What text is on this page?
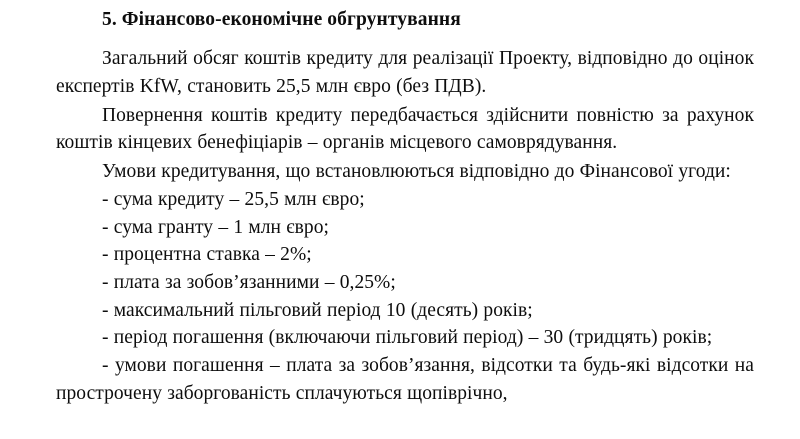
5. Фінансово-економічне обгрунтування

Загальний обсяг коштів кредиту для реалізації Проекту, відповідно до оцінок експертів KfW, становить 25,5 млн євро (без ПДВ).

Повернення коштів кредиту передбачається здійснити повністю за рахунок коштів кінцевих бенефіціарів – органів місцевого самоврядування.

Умови кредитування, що встановлюються відповідно до Фінансової угоди:

- сума кредиту – 25,5 млн євро;
- сума гранту – 1 млн євро;
- процентна ставка – 2%;
- плата за зобов’язанними – 0,25%;
- максимальний пільговий період 10 (десять) років;
- період погашення (включаючи пільговий період) – 30 (тридцять) років;
- умови погашення – плата за зобов’язання, відсотки та будь-які відсотки на прострочену заборгованість сплачуються щопіврічно,
